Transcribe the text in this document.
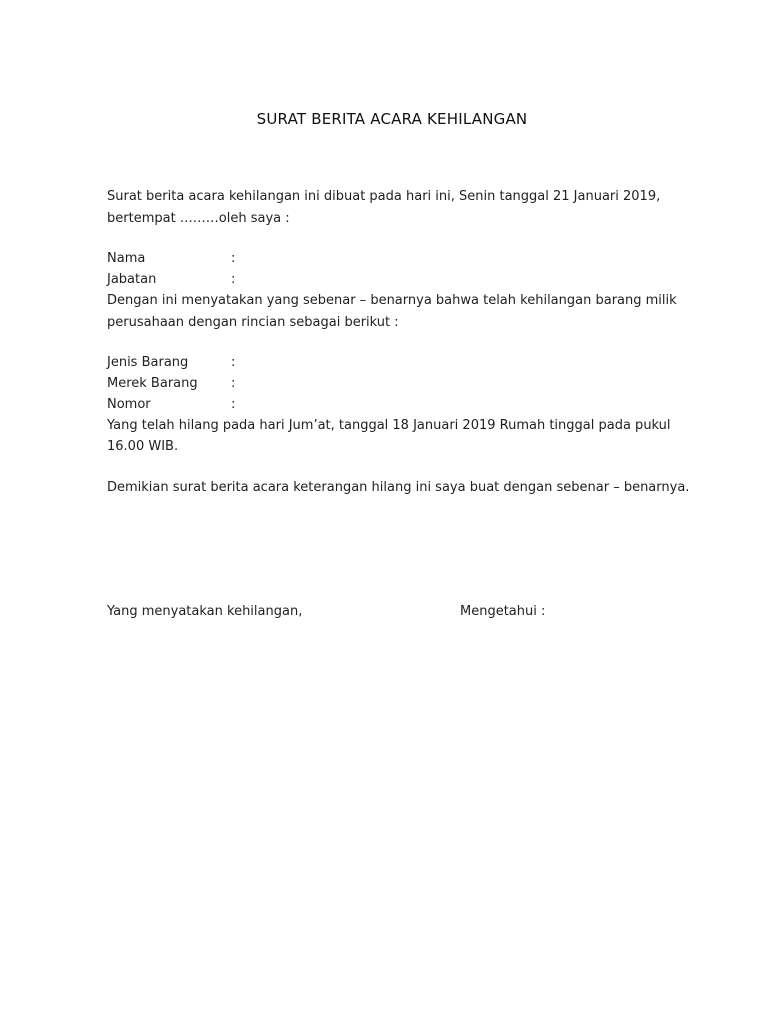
SURAT BERITA ACARA KEHILANGAN
Surat berita acara kehilangan ini dibuat pada hari ini, Senin tanggal 21 Januari 2019,
bertempat ………oleh saya :
Nama	:
Jabatan	:
Dengan ini menyatakan yang sebenar – benarnya bahwa telah kehilangan barang milik
perusahaan dengan rincian sebagai berikut :
Jenis Barang	:
Merek Barang	:
Nomor	:
Yang telah hilang pada hari Jum’at, tanggal 18 Januari 2019 Rumah tinggal pada pukul
16.00 WIB.
Demikian surat berita acara keterangan hilang ini saya buat dengan sebenar – benarnya.
Yang menyatakan kehilangan,	Mengetahui :
